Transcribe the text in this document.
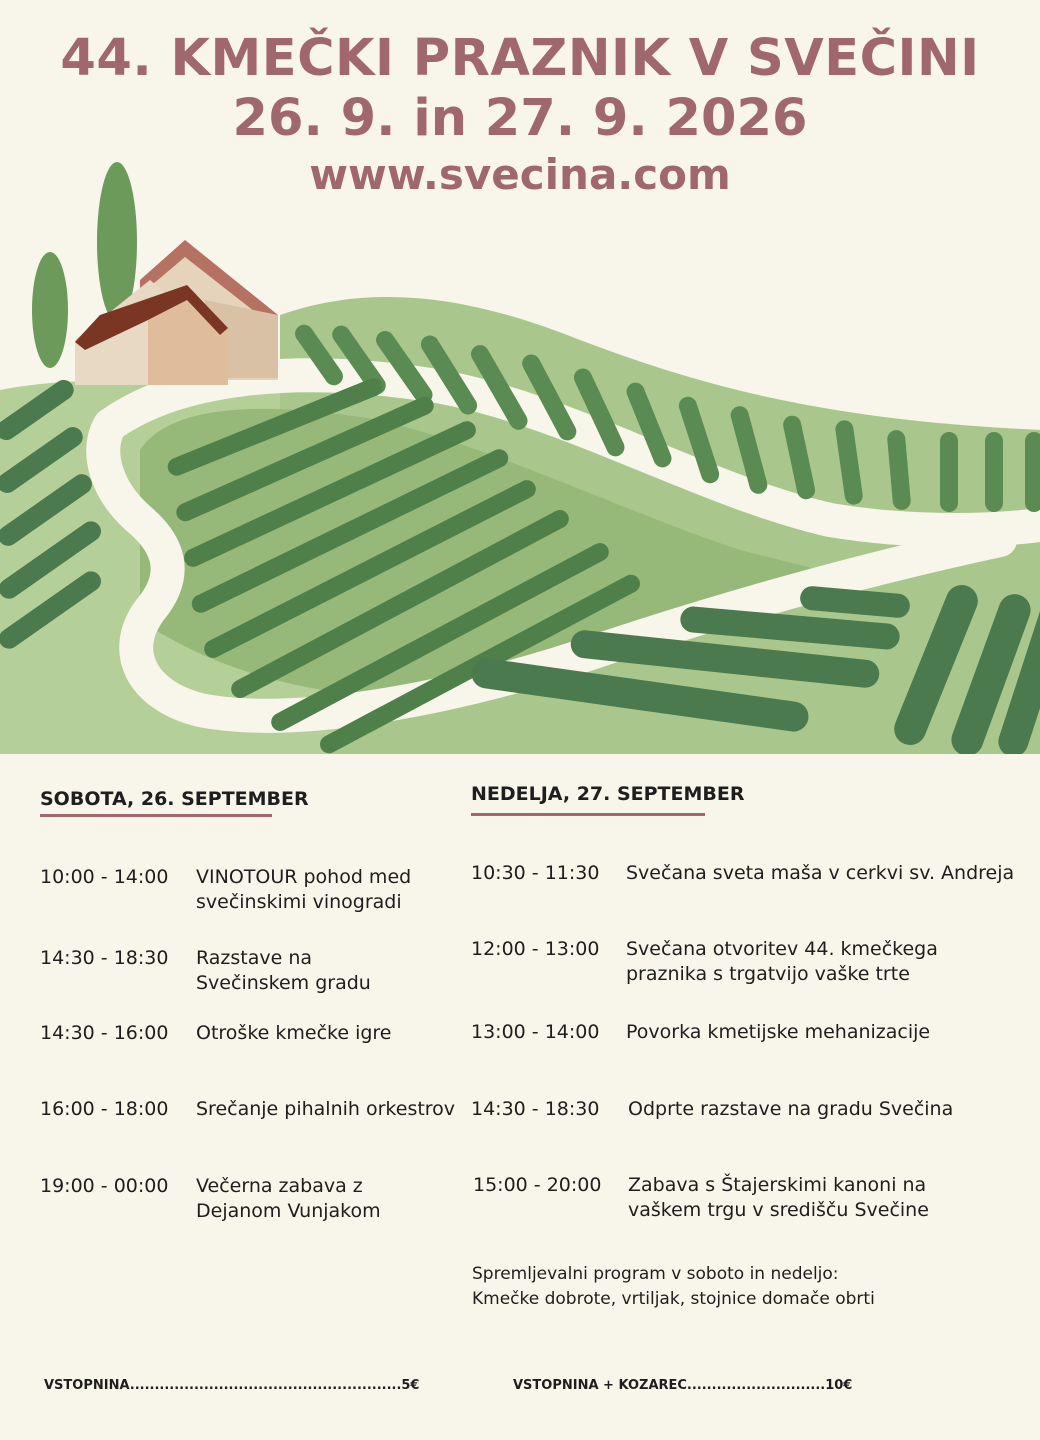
44. KMEČKI PRAZNIK V SVEČINI
26. 9. in 27. 9. 2026
www.svecina.com
SOBOTA, 26. SEPTEMBER
10:00 - 14:00 VINOTOUR pohod med
svečinskimi vinogradi
14:30 - 18:30 Razstave na
Svečinskem gradu
14:30 - 16:00 Otroške kmečke igre
16:00 - 18:00 Srečanje pihalnih orkestrov
19:00 - 00:00 Večerna zabava z
Dejanom Vunjakom
NEDELJA, 27. SEPTEMBER
10:30 - 11:30 Svečana sveta maša v cerkvi sv. Andreja
12:00 - 13:00 Svečana otvoritev 44. kmečkega
praznika s trgatvijo vaške trte
13:00 - 14:00 Povorka kmetijske mehanizacije
14:30 - 18:30 Odprte razstave na gradu Svečina
15:00 - 20:00 Zabava s Štajerskimi kanoni na
vaškem trgu v središču Svečine
Spremljevalni program v soboto in nedeljo:
Kmečke dobrote, vrtiljak, stojnice domače obrti
VSTOPNINA.......................................................5€	VSTOPNINA + KOZAREC............................10€
